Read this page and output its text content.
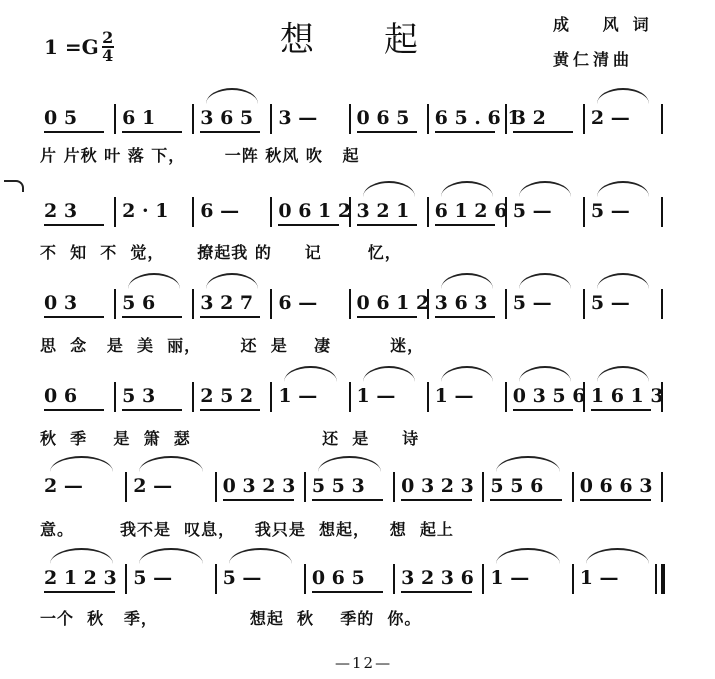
$1 =G \frac{2}{4}$	想起	成 风词
黄仁清曲
0 5 6 1 3 6 5 3 — 0 6 5 6 5 . 6 1
3 2 2 —
片 片秋 叶 落 下，      一阵 秋风 吹   起
2 3 2 · 1 6 — 0 6 1 2 3 2 1 6 1 2 6 5 — 5 —
不  知  不  觉，     撩起我 的     记       忆，
0 3 5 6 3 2 7 6 — 0 6 1 2 3 6 3 5 — 5 —
思  念   是  美  丽，      还  是    凄         迷，
0 6 5 3 2 5 2 1 — 1 — 1 — 0 3 5 6 1 6 1 3
秋  季    是  箫  瑟                    还  是     诗
2 —	2 —	0 3 2 3 5 5 3 0 3 2 3 5 5 6 0 6 6 3
意。       我不是  叹息，   我只是  想起，   想  起上
2 1 2 3 5 —	5 —	0 6 5 3 2 3 6 1 —	1 —
一个  秋   季，              想起  秋    季的  你。
—12—
